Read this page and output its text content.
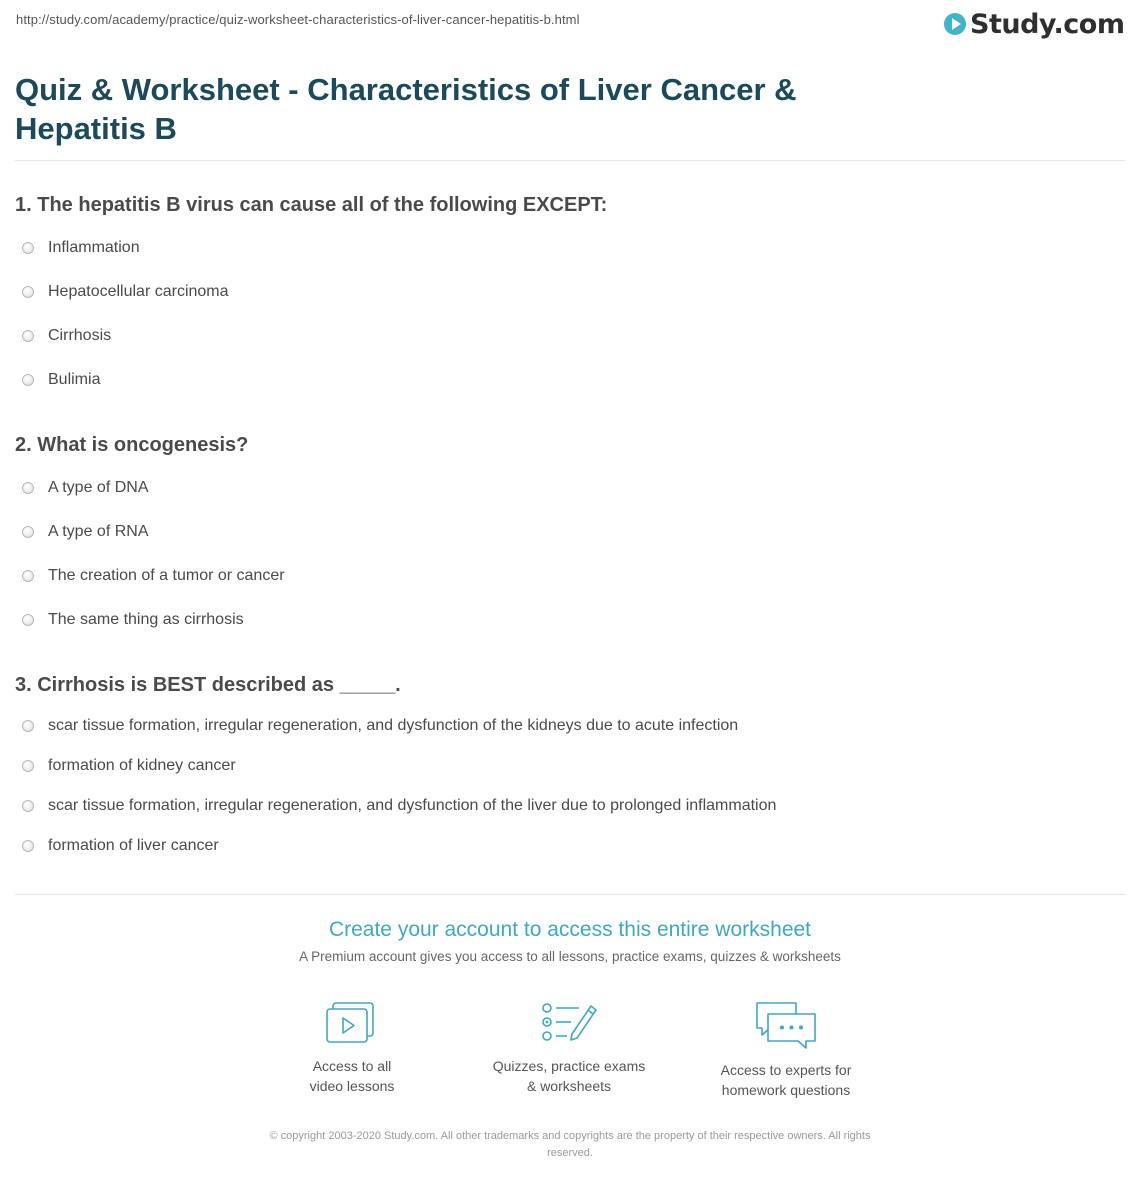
http://study.com/academy/practice/quiz-worksheet-characteristics-of-liver-cancer-hepatitis-b.html	Study.com
Quiz & Worksheet - Characteristics of Liver Cancer & Hepatitis B
1. The hepatitis B virus can cause all of the following EXCEPT:
Inflammation
Hepatocellular carcinoma
Cirrhosis
Bulimia
2. What is oncogenesis?
A type of DNA
A type of RNA
The creation of a tumor or cancer
The same thing as cirrhosis
3. Cirrhosis is BEST described as _____.
scar tissue formation, irregular regeneration, and dysfunction of the kidneys due to acute infection
formation of kidney cancer
scar tissue formation, irregular regeneration, and dysfunction of the liver due to prolonged inflammation
formation of liver cancer
Create your account to access this entire worksheet
A Premium account gives you access to all lessons, practice exams, quizzes & worksheets
Access to all
video lessons
Quizzes, practice exams
& worksheets
Access to experts for
homework questions
© copyright 2003-2020 Study.com. All other trademarks and copyrights are the property of their respective owners. All rights
reserved.
